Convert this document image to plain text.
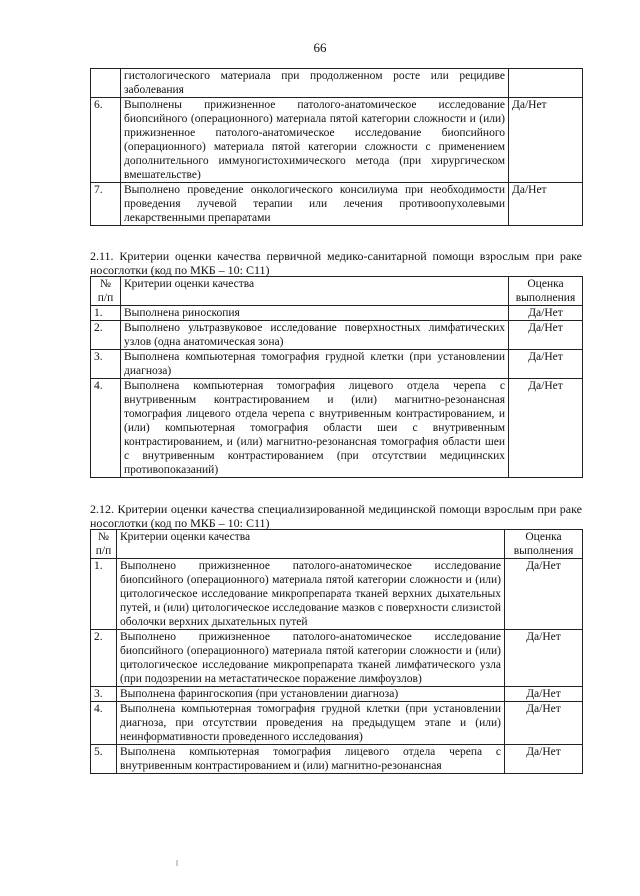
66
	гистологического материала при продолженном росте или рецидиве заболевания	
6.	Выполнены прижизненное патолого-анатомическое исследование биопсийного (операционного) материала пятой категории сложности и (или) прижизненное патолого-анатомическое исследование биопсийного (операционного) материала пятой категории сложности с применением дополнительного иммуногистохимического метода (при хирургическом вмешательстве)	Да/Нет
7.	Выполнено проведение онкологического консилиума при необходимости проведения лучевой терапии или лечения противоопухолевыми лекарственными препаратами	Да/Нет
2.11. Критерии оценки качества первичной медико-санитарной помощи взрослым при раке носоглотки (код по МКБ – 10: С11)
№ п/п	Критерии оценки качества	Оценка выполнения
1.	Выполнена риноскопия	Да/Нет
2.	Выполнено ультразвуковое исследование поверхностных лимфатических узлов (одна анатомическая зона)	Да/Нет
3.	Выполнена компьютерная томография грудной клетки (при установлении диагноза)	Да/Нет
4.	Выполнена компьютерная томография лицевого отдела черепа с внутривенным контрастированием и (или) магнитно-резонансная томография лицевого отдела черепа с внутривенным контрастированием, и (или) компьютерная томография области шеи с внутривенным контрастированием, и (или) магнитно-резонансная томография области шеи с внутривенным контрастированием (при отсутствии медицинских противопоказаний)	Да/Нет
2.12. Критерии оценки качества специализированной медицинской помощи взрослым при раке носоглотки (код по МКБ – 10: С11)
№ п/п	Критерии оценки качества	Оценка выполнения
1.	Выполнено прижизненное патолого-анатомическое исследование биопсийного (операционного) материала пятой категории сложности и (или) цитологическое исследование микропрепарата тканей верхних дыхательных путей, и (или) цитологическое исследование мазков с поверхности слизистой оболочки верхних дыхательных путей	Да/Нет
2.	Выполнено прижизненное патолого-анатомическое исследование биопсийного (операционного) материала пятой категории сложности и (или) цитологическое исследование микропрепарата тканей лимфатического узла (при подозрении на метастатическое поражение лимфоузлов)	Да/Нет
3.	Выполнена фарингоскопия (при установлении диагноза)	Да/Нет
4.	Выполнена компьютерная томография грудной клетки (при установлении диагноза, при отсутствии проведения на предыдущем этапе и (или) неинформативности проведенного исследования)	Да/Нет
5.	Выполнена компьютерная томография лицевого отдела черепа с внутривенным контрастированием и (или) магнитно-резонансная	Да/Нет
